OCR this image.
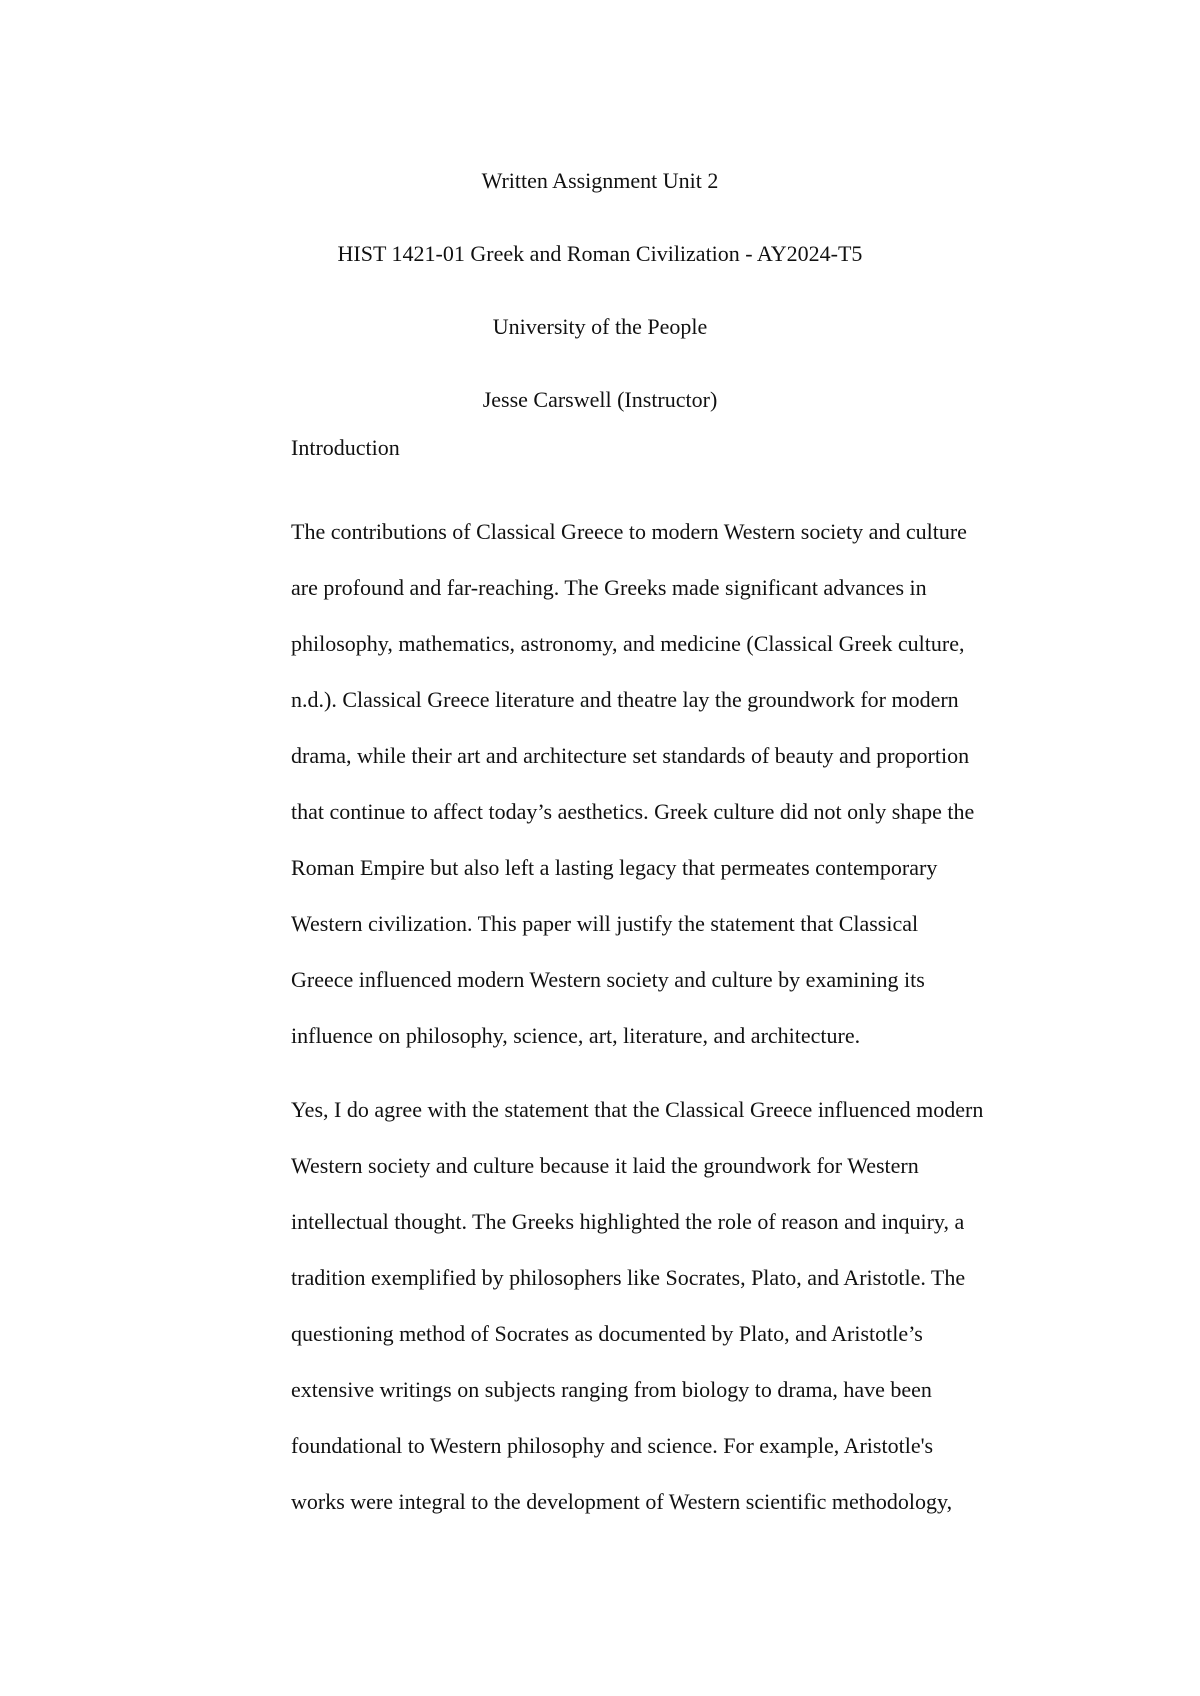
Written Assignment Unit 2
HIST 1421-01 Greek and Roman Civilization - AY2024-T5
University of the People
Jesse Carswell (Instructor)
Introduction
The contributions of Classical Greece to modern Western society and culture
are profound and far-reaching. The Greeks made significant advances in
philosophy, mathematics, astronomy, and medicine (Classical Greek culture,
n.d.). Classical Greece literature and theatre lay the groundwork for modern
drama, while their art and architecture set standards of beauty and proportion
that continue to affect today’s aesthetics. Greek culture did not only shape the
Roman Empire but also left a lasting legacy that permeates contemporary
Western civilization. This paper will justify the statement that Classical
Greece influenced modern Western society and culture by examining its
influence on philosophy, science, art, literature, and architecture.
Yes, I do agree with the statement that the Classical Greece influenced modern
Western society and culture because it laid the groundwork for Western
intellectual thought. The Greeks highlighted the role of reason and inquiry, a
tradition exemplified by philosophers like Socrates, Plato, and Aristotle. The
questioning method of Socrates as documented by Plato, and Aristotle’s
extensive writings on subjects ranging from biology to drama, have been
foundational to Western philosophy and science. For example, Aristotle's
works were integral to the development of Western scientific methodology,
